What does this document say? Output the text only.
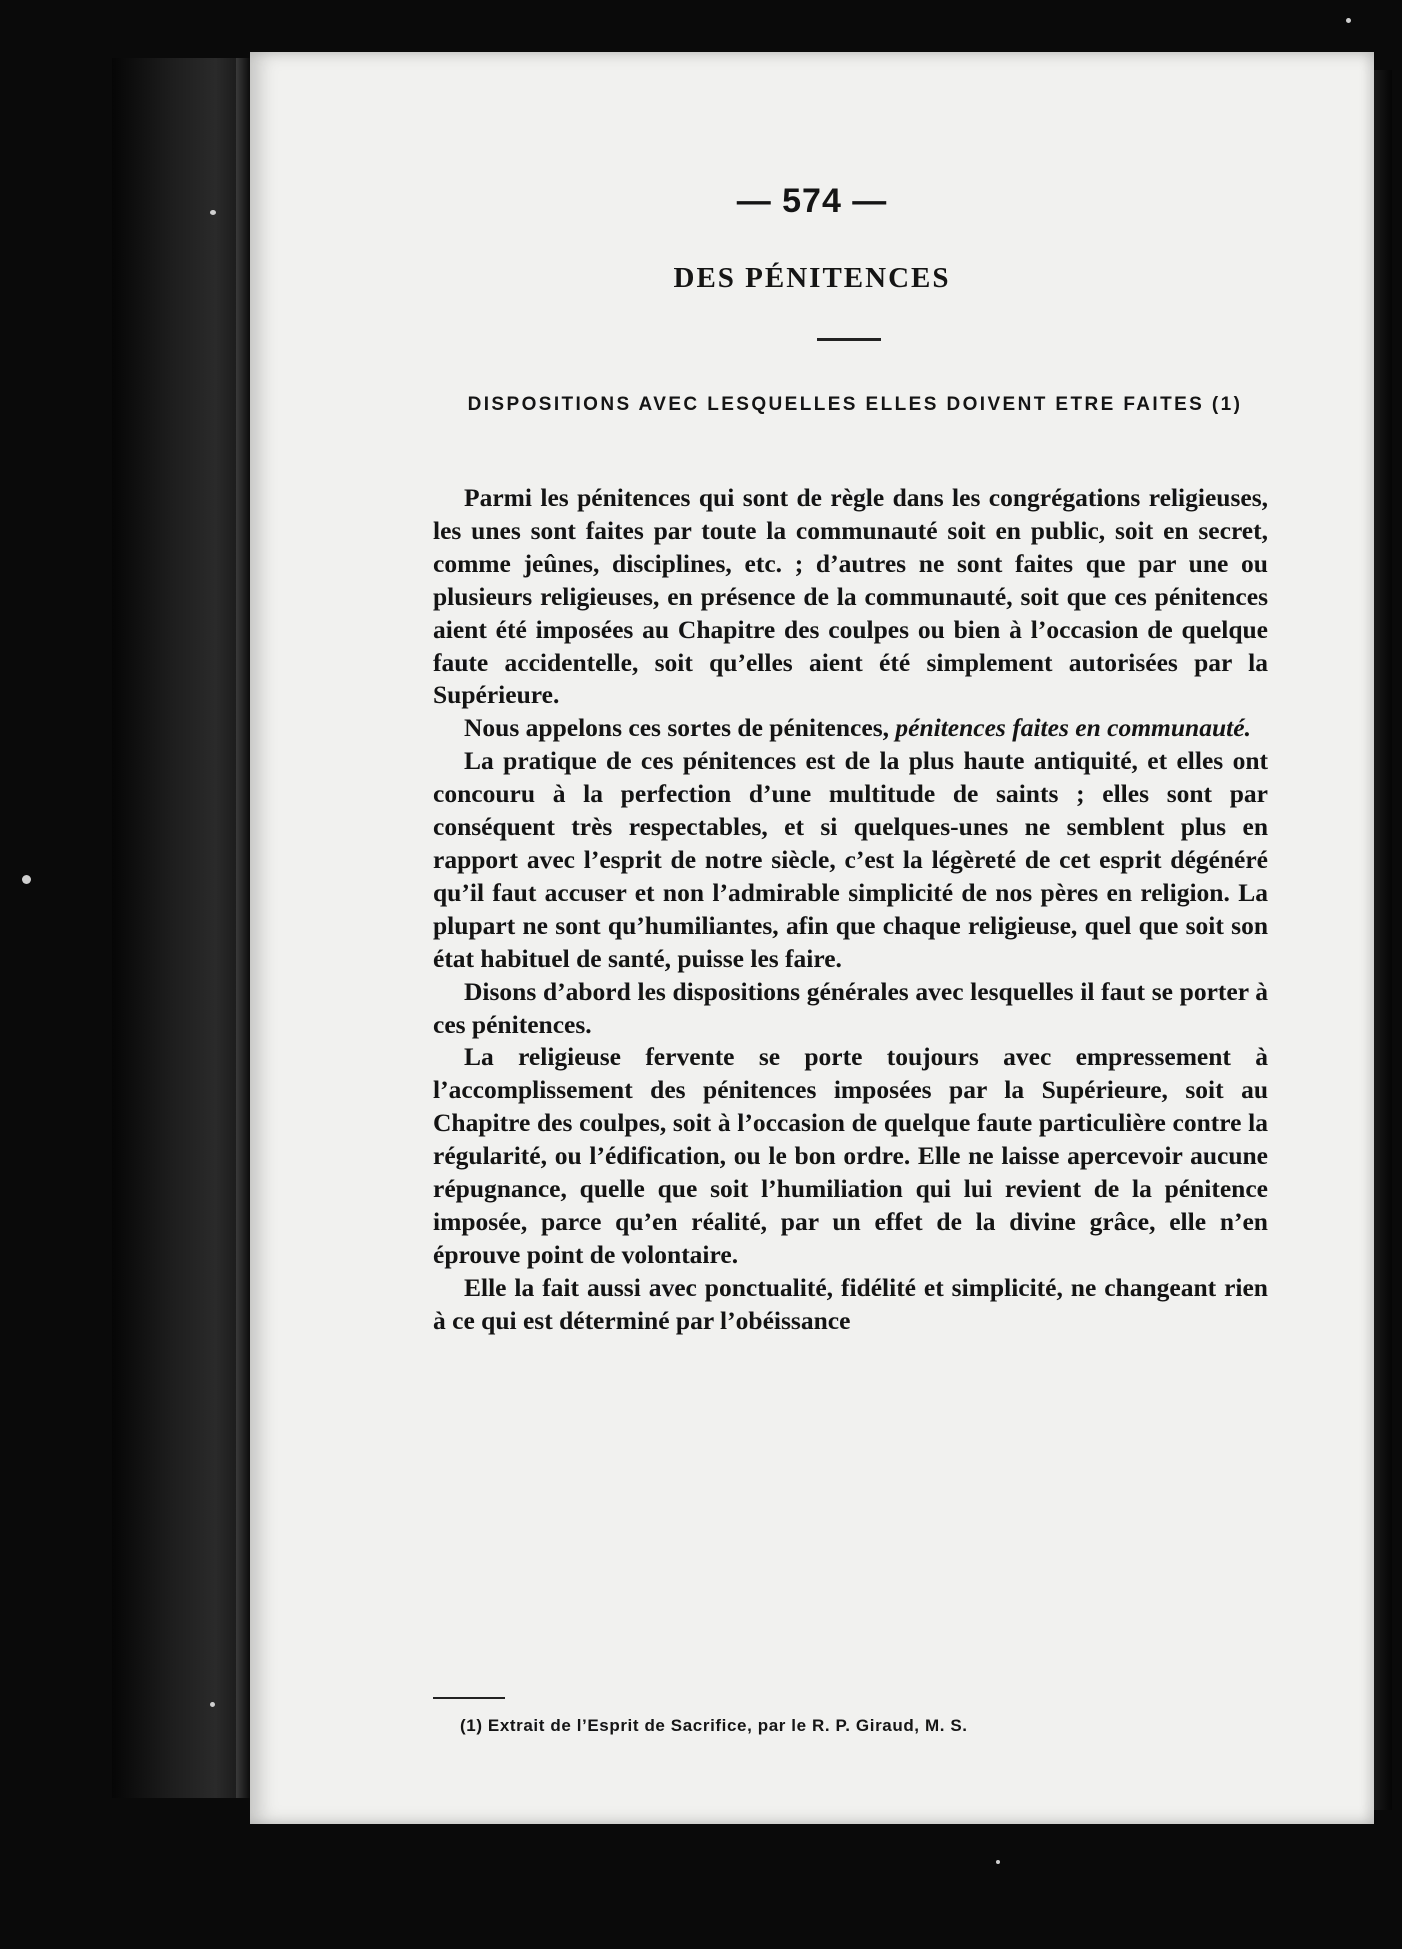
— 574 —
DES PÉNITENCES
DISPOSITIONS AVEC LESQUELLES ELLES DOIVENT ETRE FAITES (1)

Parmi les pénitences qui sont de règle dans les congrégations religieuses, les unes sont faites par toute la communauté soit en public, soit en secret, comme jeûnes, disciplines, etc. ; d’autres ne sont faites que par une ou plusieurs religieuses, en présence de la communauté, soit que ces pénitences aient été imposées au Chapitre des coulpes ou bien à l’occasion de quelque faute accidentelle, soit qu’elles aient été simplement autorisées par la Supérieure.

Nous appelons ces sortes de pénitences, pénitences faites en communauté.

La pratique de ces pénitences est de la plus haute antiquité, et elles ont concouru à la perfection d’une multitude de saints ; elles sont par conséquent très respectables, et si quelques-unes ne semblent plus en rapport avec l’esprit de notre siècle, c’est la légèreté de cet esprit dégénéré qu’il faut accuser et non l’admirable simplicité de nos pères en religion. La plupart ne sont qu’humiliantes, afin que chaque religieuse, quel que soit son état habituel de santé, puisse les faire.

Disons d’abord les dispositions générales avec lesquelles il faut se porter à ces pénitences.

La religieuse fervente se porte toujours avec empressement à l’accomplissement des pénitences imposées par la Supérieure, soit au Chapitre des coulpes, soit à l’occasion de quelque faute particulière contre la régularité, ou l’édification, ou le bon ordre. Elle ne laisse apercevoir aucune répugnance, quelle que soit l’humiliation qui lui revient de la pénitence imposée, parce qu’en réalité, par un effet de la divine grâce, elle n’en éprouve point de volontaire.

Elle la fait aussi avec ponctualité, fidélité et simplicité, ne changeant rien à ce qui est déterminé par l’obéissance

(1) Extrait de l’Esprit de Sacrifice, par le R. P. Giraud, M. S.
